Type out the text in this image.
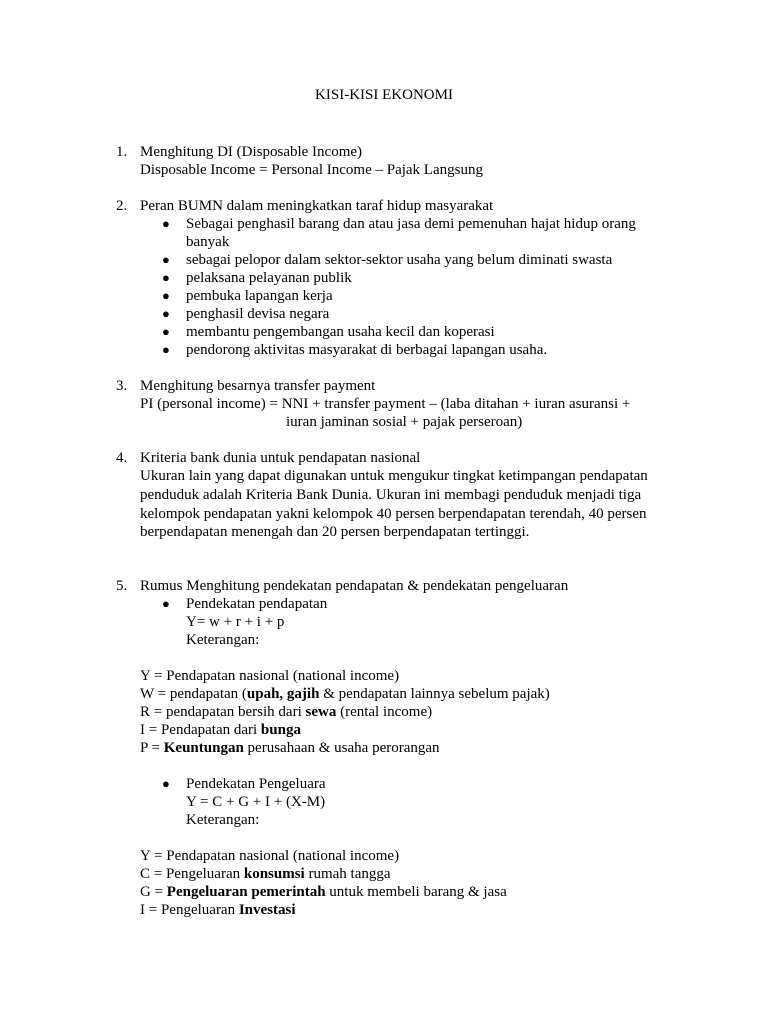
KISI-KISI EKONOMI
1. Menghitung DI (Disposable Income)
Disposable Income = Personal Income – Pajak Langsung
2. Peran BUMN dalam meningkatkan taraf hidup masyarakat
● Sebagai penghasil barang dan atau jasa demi pemenuhan hajat hidup orang
banyak
● sebagai pelopor dalam sektor-sektor usaha yang belum diminati swasta
● pelaksana pelayanan publik
● pembuka lapangan kerja
● penghasil devisa negara
● membantu pengembangan usaha kecil dan koperasi
● pendorong aktivitas masyarakat di berbagai lapangan usaha.
3. Menghitung besarnya transfer payment
PI (personal income) = NNI + transfer payment – (laba ditahan + iuran asuransi +
iuran jaminan sosial + pajak perseroan)
4. Kriteria bank dunia untuk pendapatan nasional
Ukuran lain yang dapat digunakan untuk mengukur tingkat ketimpangan pendapatan
penduduk adalah Kriteria Bank Dunia. Ukuran ini membagi penduduk menjadi tiga
kelompok pendapatan yakni kelompok 40 persen berpendapatan terendah, 40 persen
berpendapatan menengah dan 20 persen berpendapatan tertinggi.
5. Rumus Menghitung pendekatan pendapatan & pendekatan pengeluaran
● Pendekatan pendapatan
Y= w + r + i + p
Keterangan:
Y = Pendapatan nasional (national income)
W = pendapatan (upah, gajih & pendapatan lainnya sebelum pajak)
R = pendapatan bersih dari sewa (rental income)
I = Pendapatan dari bunga
P = Keuntungan perusahaan & usaha perorangan
● Pendekatan Pengeluara
Y = C + G + I + (X-M)
Keterangan:
Y = Pendapatan nasional (national income)
C = Pengeluaran konsumsi rumah tangga
G = Pengeluaran pemerintah untuk membeli barang & jasa
I = Pengeluaran Investasi
